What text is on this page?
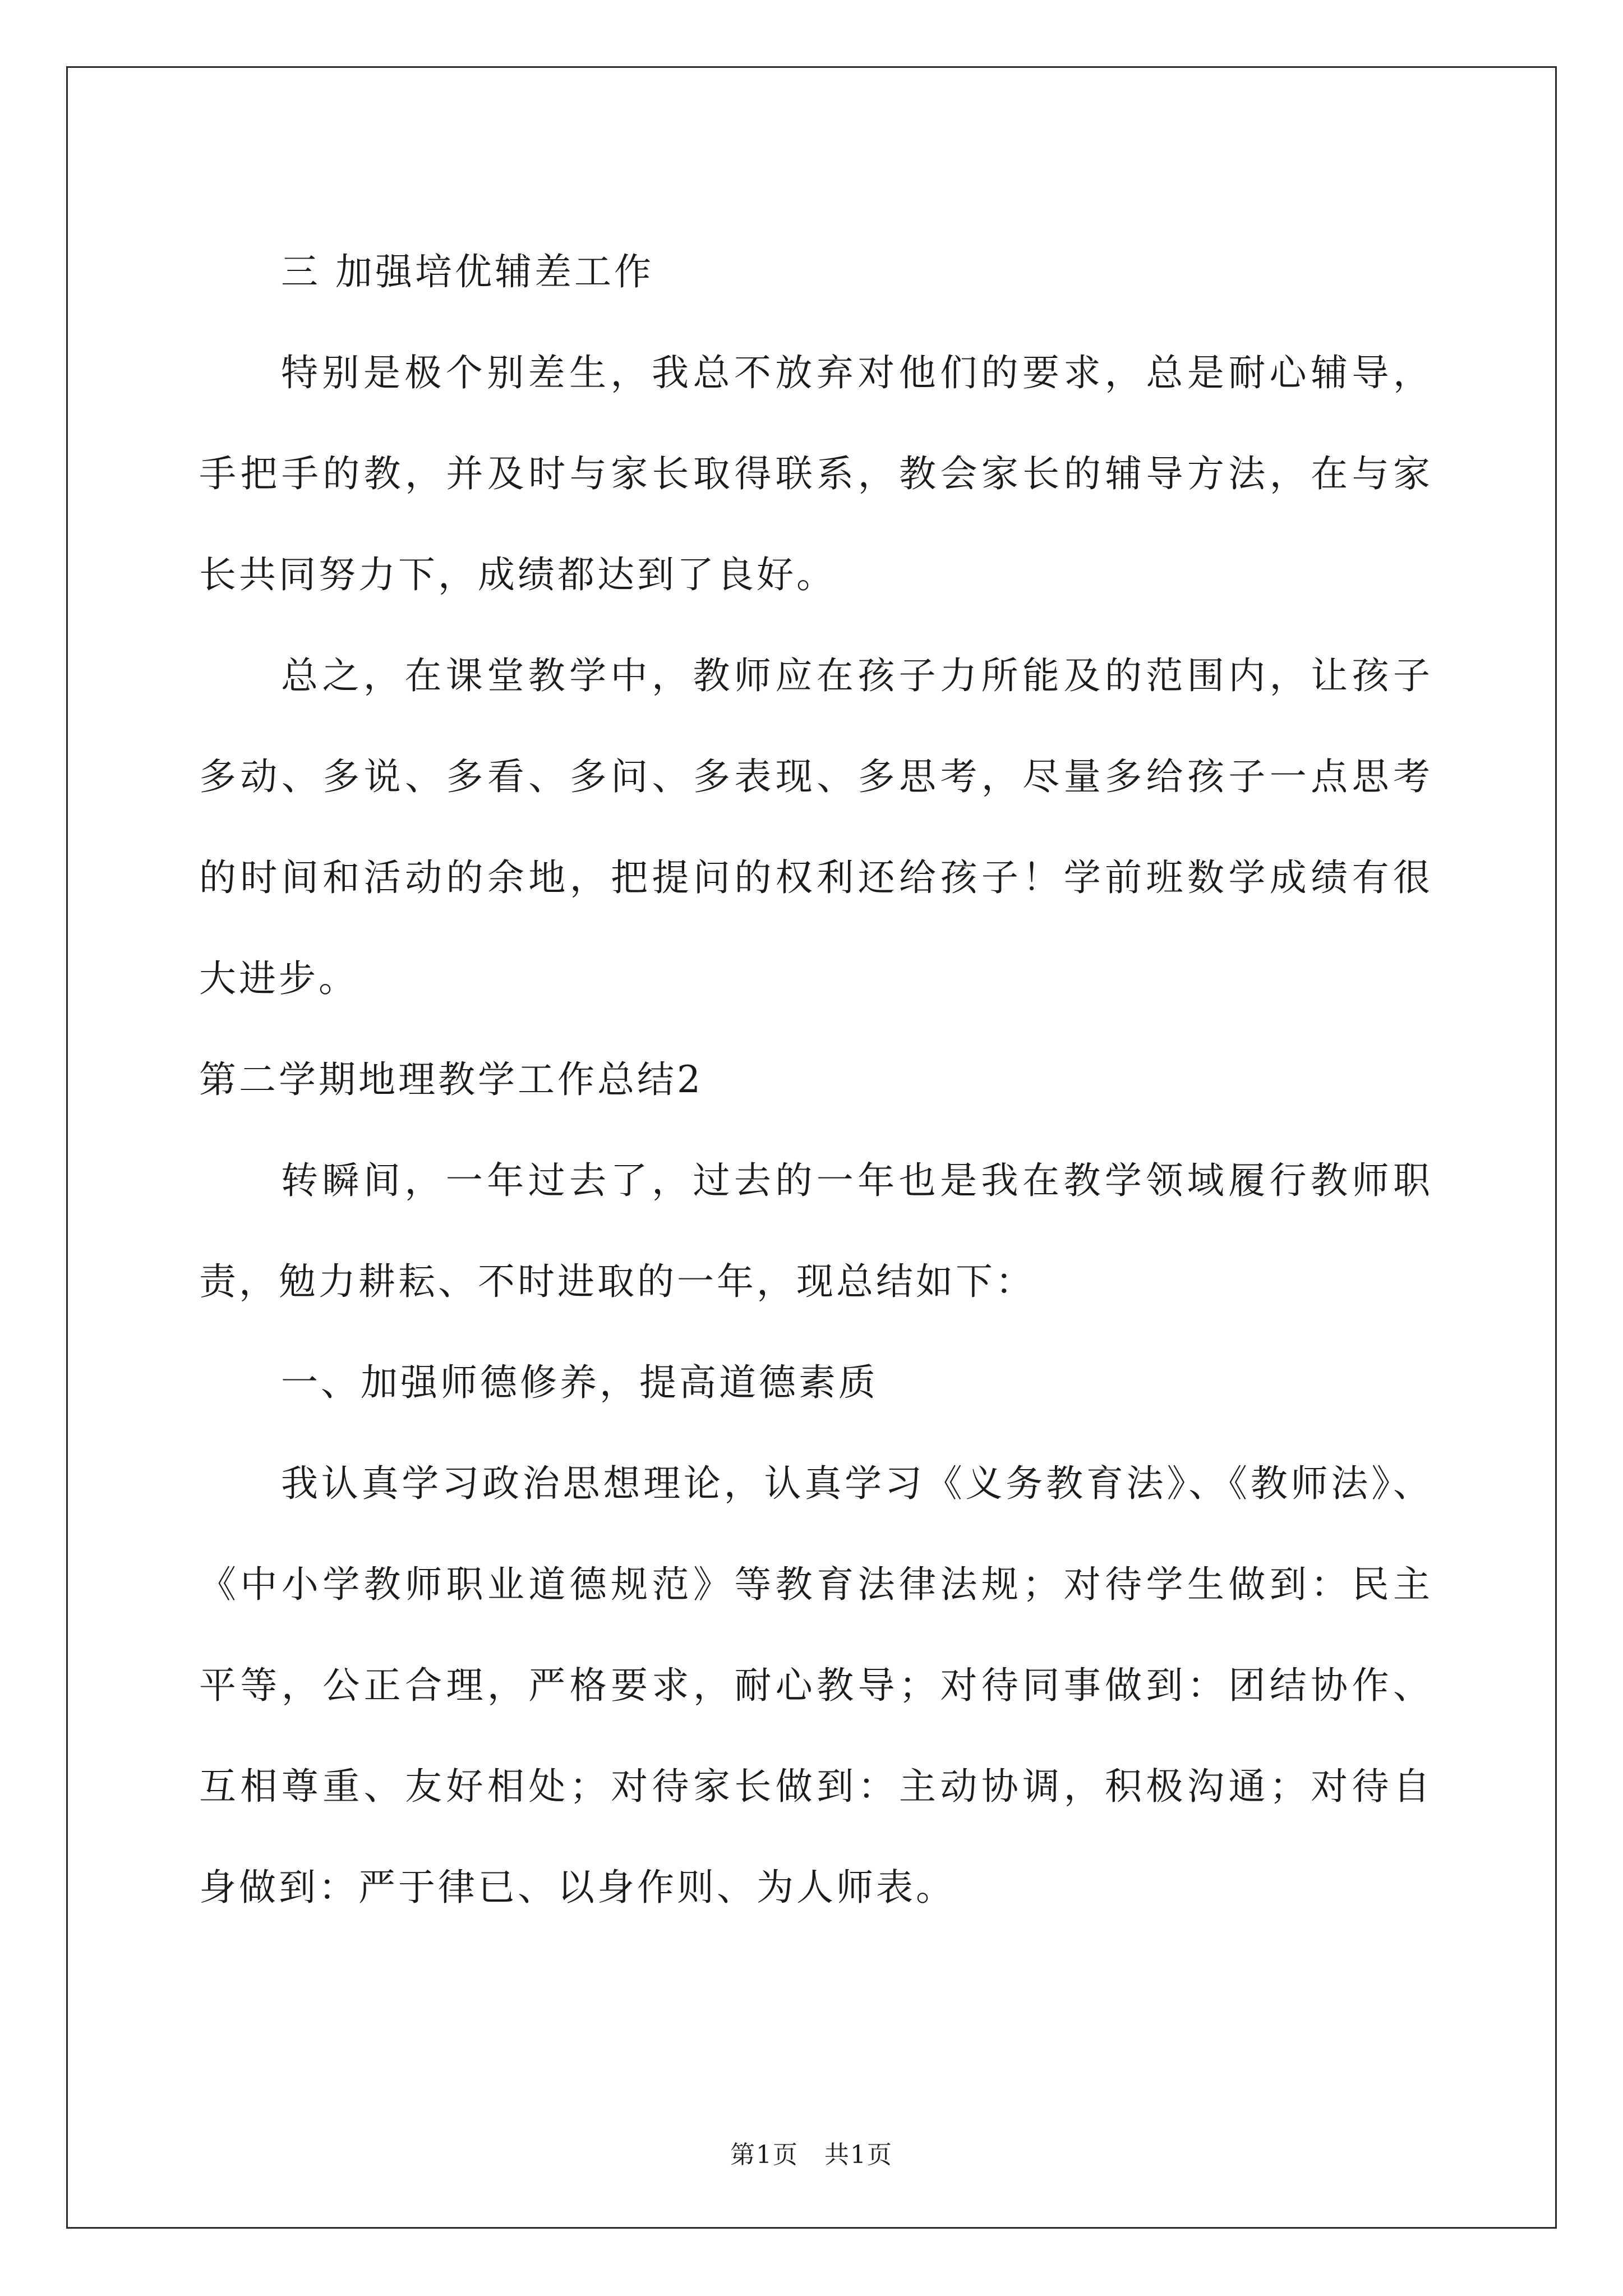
三 加强培优辅差工作

特别是极个别差生，我总不放弃对他们的要求，总是耐心辅导，手把手的教，并及时与家长取得联系，教会家长的辅导方法，在与家长共同努力下，成绩都达到了良好。

总之，在课堂教学中，教师应在孩子力所能及的范围内，让孩子多动、多说、多看、多问、多表现、多思考，尽量多给孩子一点思考的时间和活动的余地，把提问的权利还给孩子！学前班数学成绩有很大进步。

第二学期地理教学工作总结2

转瞬间，一年过去了，过去的一年也是我在教学领域履行教师职责，勉力耕耘、不时进取的一年，现总结如下：

一、加强师德修养，提高道德素质

我认真学习政治思想理论，认真学习《义务教育法》、《教师法》、《中小学教师职业道德规范》等教育法律法规；对待学生做到：民主平等，公正合理，严格要求，耐心教导；对待同事做到：团结协作、互相尊重、友好相处；对待家长做到：主动协调，积极沟通；对待自身做到：严于律已、以身作则、为人师表。

第1页　共1页
